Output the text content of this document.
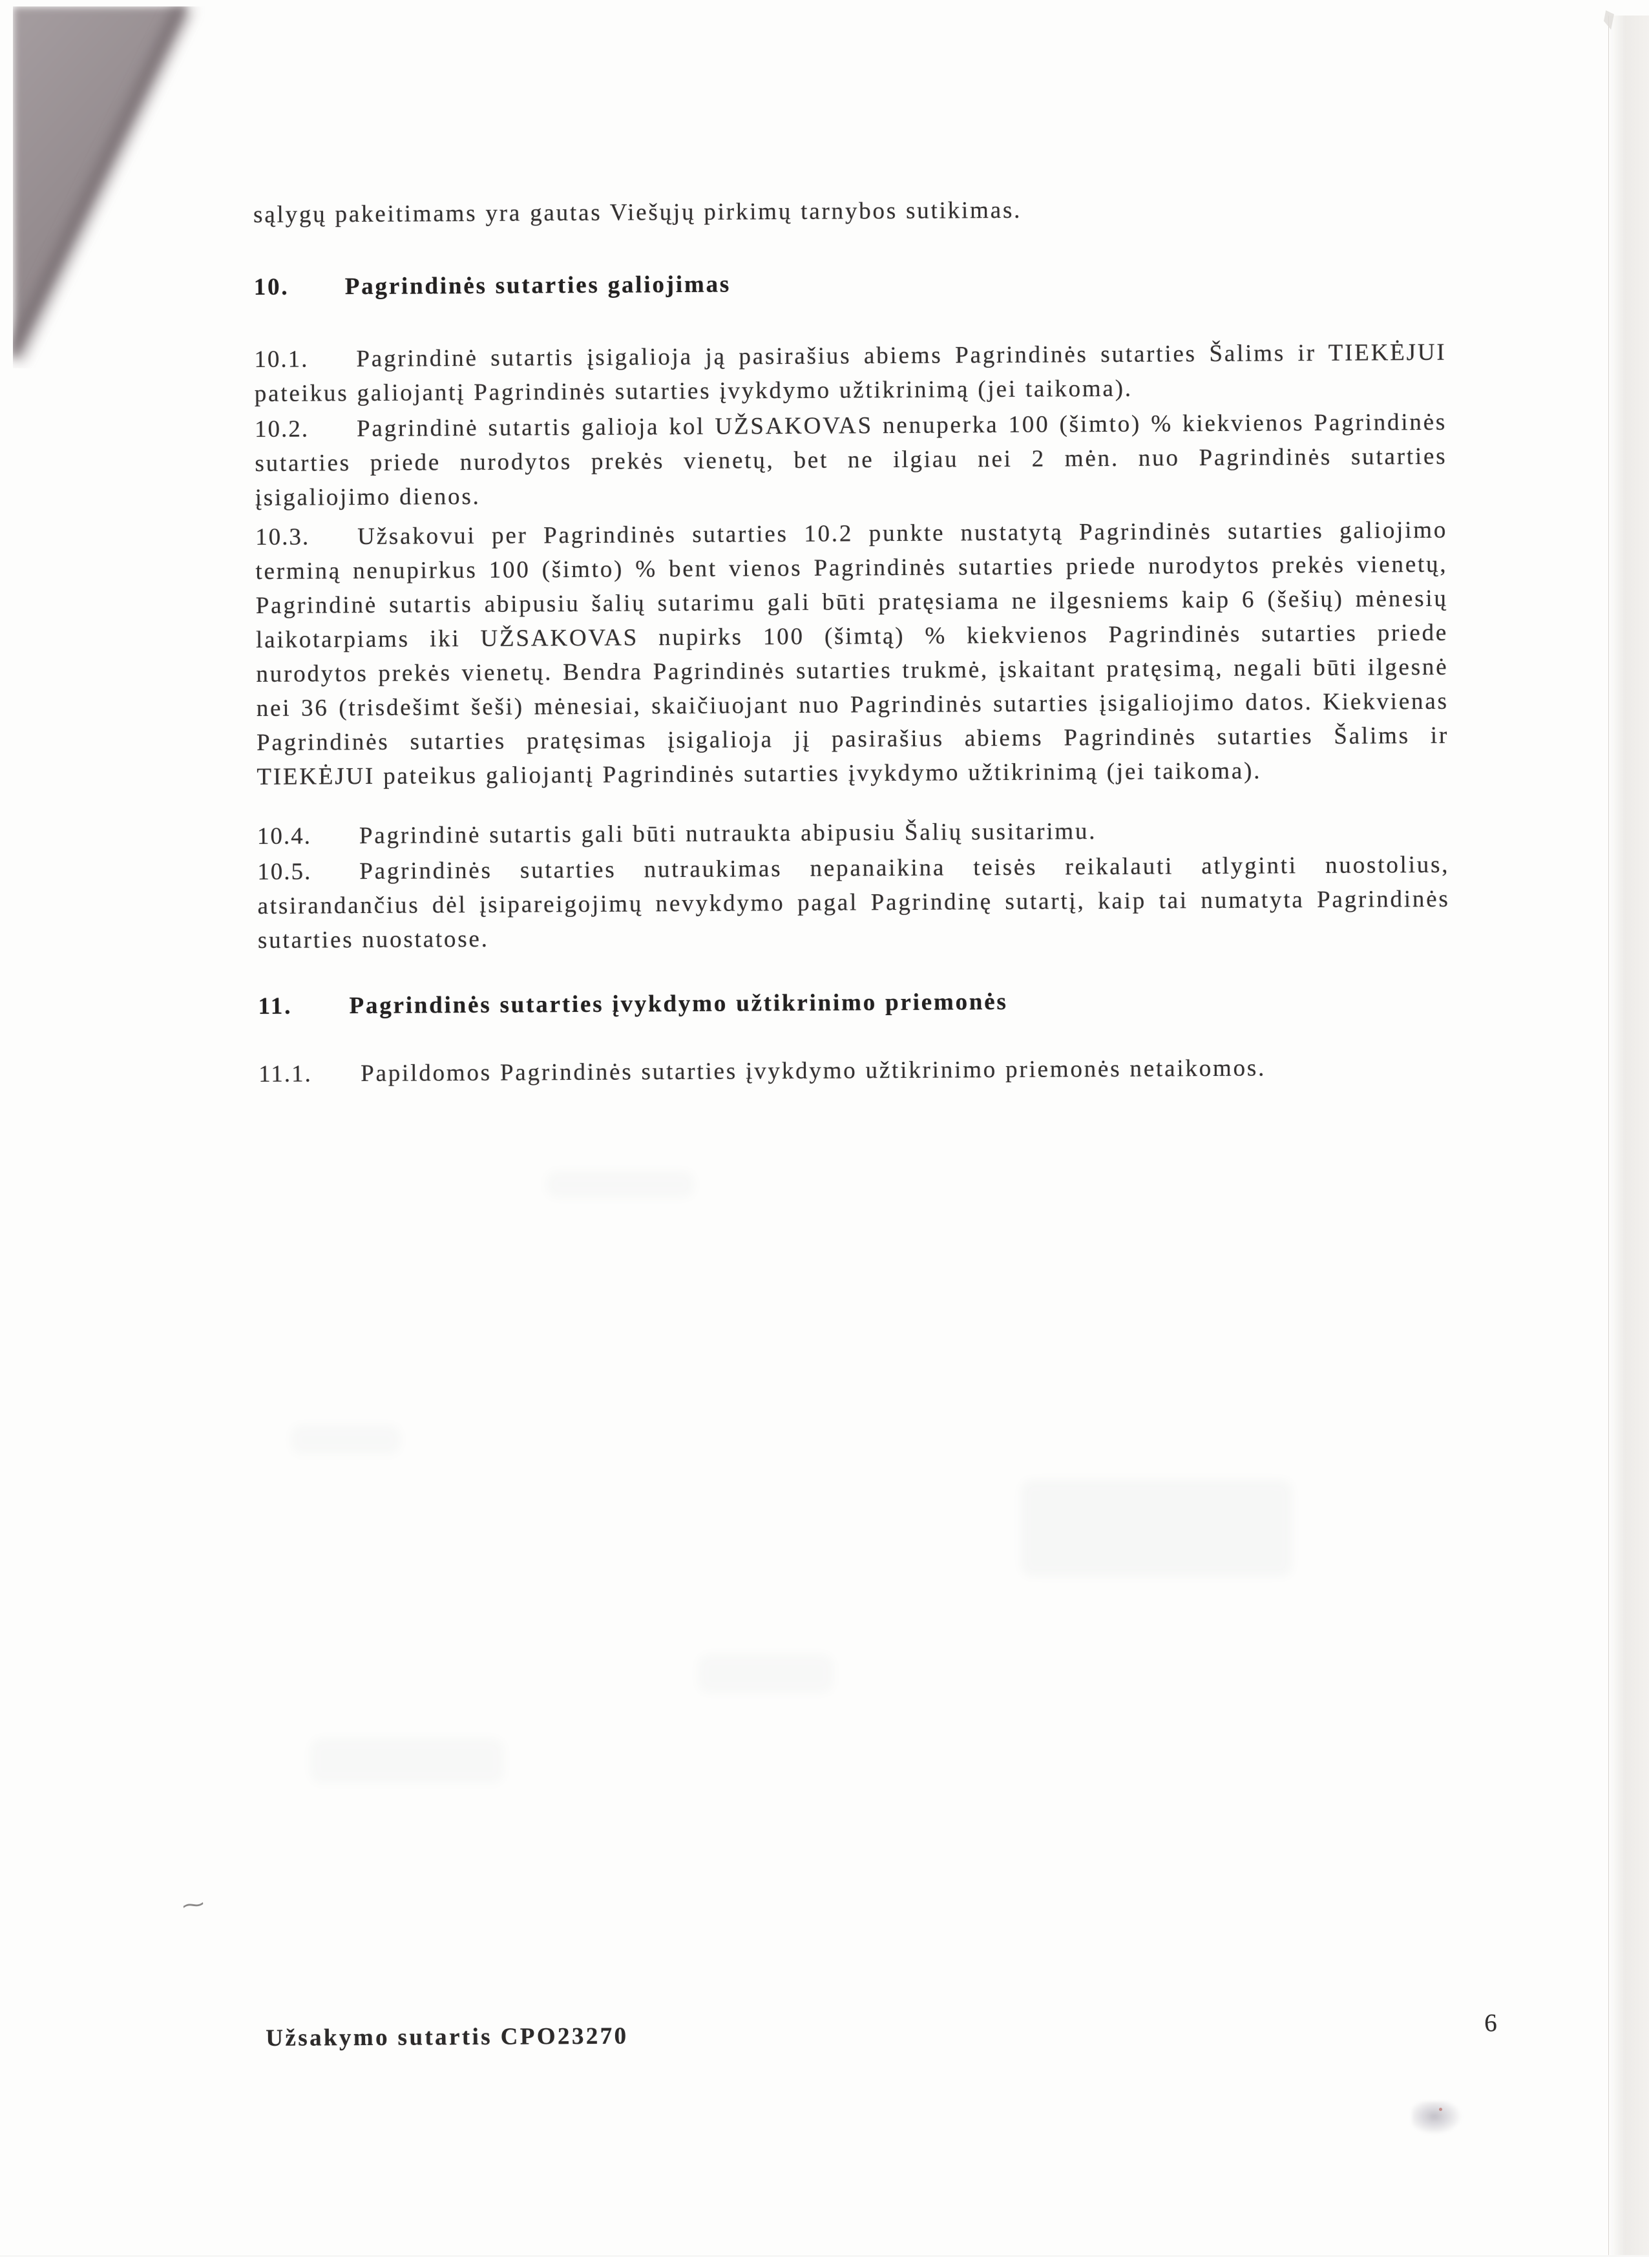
⁓

sąlygų pakeitimams yra gautas Viešųjų pirkimų tarnybos sutikimas.

10. Pagrindinės sutarties galiojimas

10.1. Pagrindinė sutartis įsigalioja ją pasirašius abiems Pagrindinės sutarties Šalims ir TIEKĖJUI pateikus galiojantį Pagrindinės sutarties įvykdymo užtikrinimą (jei taikoma).

10.2. Pagrindinė sutartis galioja kol UŽSAKOVAS nenuperka 100 (šimto) % kiekvienos Pagrindinės sutarties priede nurodytos prekės vienetų, bet ne ilgiau nei 2 mėn. nuo Pagrindinės sutarties įsigaliojimo dienos.

10.3. Užsakovui per Pagrindinės sutarties 10.2 punkte nustatytą Pagrindinės sutarties galiojimo terminą nenupirkus 100 (šimto) % bent vienos Pagrindinės sutarties priede nurodytos prekės vienetų, Pagrindinė sutartis abipusiu šalių sutarimu gali būti pratęsiama ne ilgesniems kaip 6 (šešių) mėnesių laikotarpiams iki UŽSAKOVAS nupirks 100 (šimtą) % kiekvienos Pagrindinės sutarties priede nurodytos prekės vienetų. Bendra Pagrindinės sutarties trukmė, įskaitant pratęsimą, negali būti ilgesnė nei 36 (trisdešimt šeši) mėnesiai, skaičiuojant nuo Pagrindinės sutarties įsigaliojimo datos. Kiekvienas Pagrindinės sutarties pratęsimas įsigalioja jį pasirašius abiems Pagrindinės sutarties Šalims ir TIEKĖJUI pateikus galiojantį Pagrindinės sutarties įvykdymo užtikrinimą (jei taikoma).

10.4. Pagrindinė sutartis gali būti nutraukta abipusiu Šalių susitarimu.

10.5. Pagrindinės sutarties nutraukimas nepanaikina teisės reikalauti atlyginti nuostolius, atsirandančius dėl įsipareigojimų nevykdymo pagal Pagrindinę sutartį, kaip tai numatyta Pagrindinės sutarties nuostatose.

11. Pagrindinės sutarties įvykdymo užtikrinimo priemonės

11.1. Papildomos Pagrindinės sutarties įvykdymo užtikrinimo priemonės netaikomos.

Užsakymo sutartis CPO23270	6
